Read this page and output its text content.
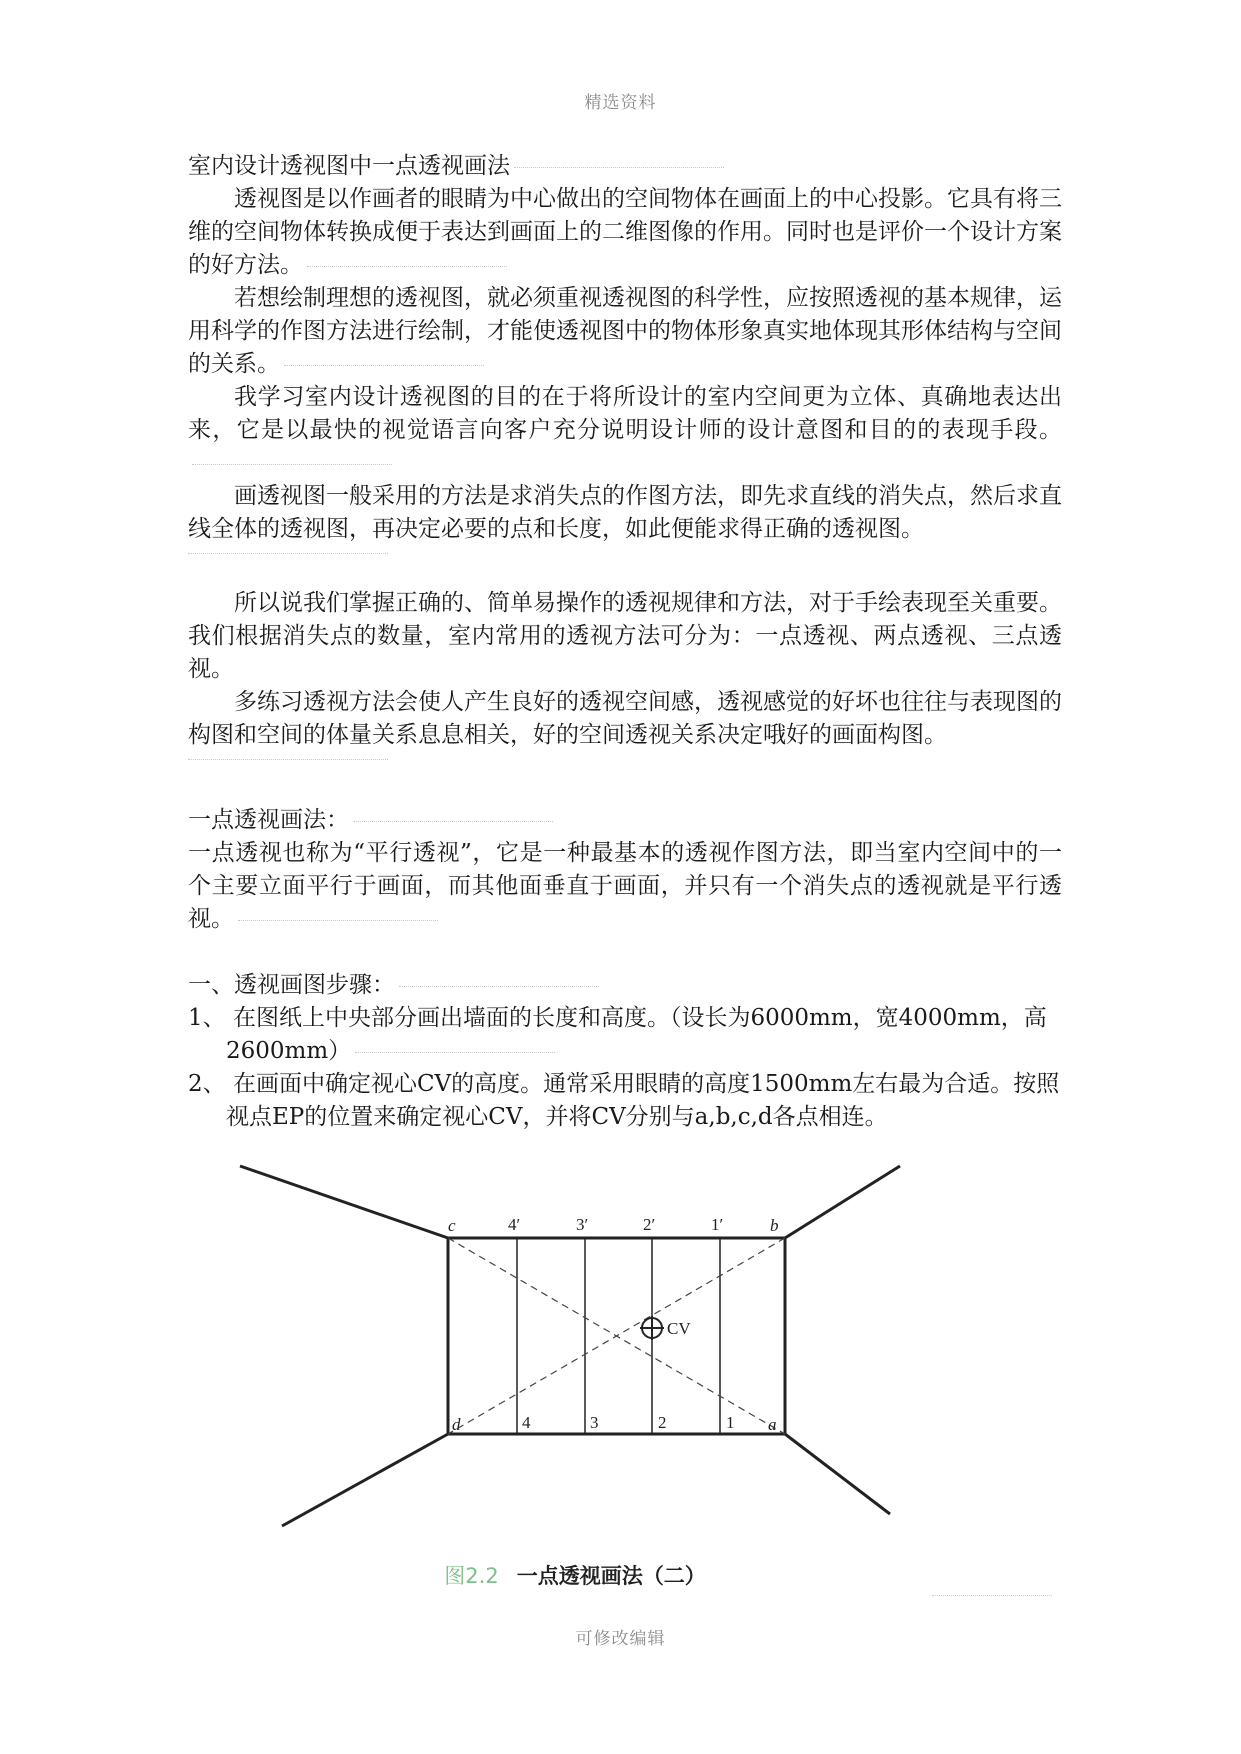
精选资料

室内设计透视图中一点透视画法

透视图是以作画者的眼睛为中心做出的空间物体在画面上的中心投影。它具有将三维的空间物体转换成便于表达到画面上的二维图像的作用。同时也是评价一个设计方案的好方法。

若想绘制理想的透视图，就必须重视透视图的科学性，应按照透视的基本规律，运用科学的作图方法进行绘制，才能使透视图中的物体形象真实地体现其形体结构与空间的关系。

我学习室内设计透视图的目的在于将所设计的室内空间更为立体、真确地表达出来，它是以最快的视觉语言向客户充分说明设计师的设计意图和目的的表现手段。

画透视图一般采用的方法是求消失点的作图方法，即先求直线的消失点，然后求直线全体的透视图，再决定必要的点和长度，如此便能求得正确的透视图。

所以说我们掌握正确的、简单易操作的透视规律和方法，对于手绘表现至关重要。我们根据消失点的数量，室内常用的透视方法可分为：一点透视、两点透视、三点透视。

多练习透视方法会使人产生良好的透视空间感，透视感觉的好坏也往往与表现图的构图和空间的体量关系息息相关，好的空间透视关系决定哦好的画面构图。

一点透视画法：

一点透视也称为“平行透视”，它是一种最基本的透视作图方法，即当室内空间中的一个主要立面平行于画面，而其他面垂直于画面，并只有一个消失点的透视就是平行透视。

一、透视画图步骤：

1、 在图纸上中央部分画出墙面的长度和高度。（设长为6000mm，宽4000mm，高2600mm）

2、 在画面中确定视心CV的高度。通常采用眼睛的高度1500mm左右最为合适。按照视点EP的位置来确定视心CV，并将CV分别与a,b,c,d各点相连。

c	b
d	a
4′	3′	2′	1′
4	3	2	1
CV
图2.2 一点透视画法（二）
可修改编辑
